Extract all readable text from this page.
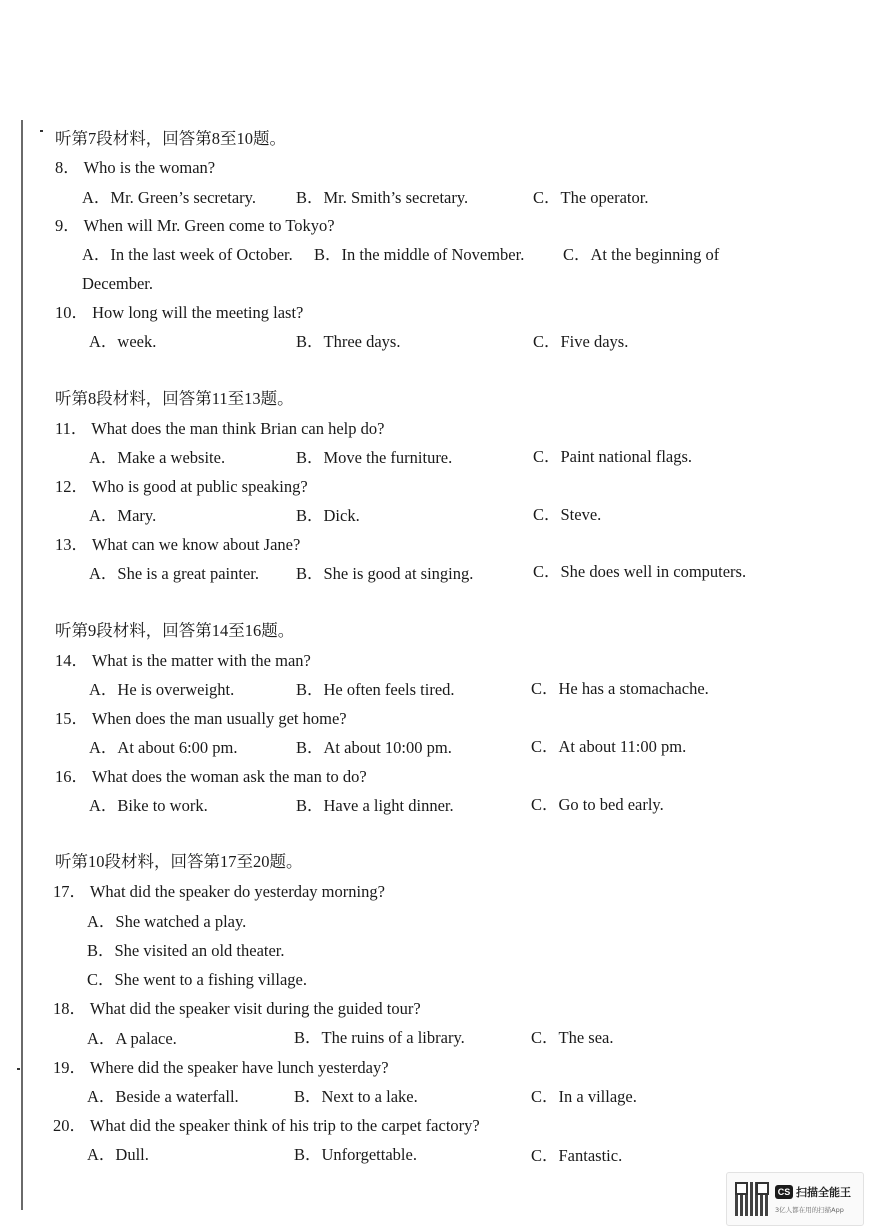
听第7段材料，回答第8至10题。
8． Who is the woman?
A．Mr. Green’s secretary. B．Mr. Smith’s secretary.	C．The operator.
9． When will Mr. Green come to Tokyo?
A．In the last week of October. B．In the middle of November. C．At the beginning of
December.
10． How long will the meeting last?
A．week.	B．Three days.	C．Five days.
听第8段材料，回答第11至13题。
11． What does the man think Brian can help do?
A．Make a website.	B．Move the furniture.	C．Paint national flags.
12． Who is good at public speaking?
A．Mary.	B．Dick.	C．Steve.
13． What can we know about Jane?
A．She is a great painter. B．She is good at singing.	C．She does well in computers.
听第9段材料，回答第14至16题。
14． What is the matter with the man?
A．He is overweight.	B．He often feels tired.	C．He has a stomachache.
15． When does the man usually get home?
A．At about 6:00 pm.	B．At about 10:00 pm.	C．At about 11:00 pm.
16． What does the woman ask the man to do?
A．Bike to work.	B．Have a light dinner.	C．Go to bed early.
听第10段材料，回答第17至20题。
17． What did the speaker do yesterday morning?
A．She watched a play.
B．She visited an old theater.
C．She went to a fishing village.
18． What did the speaker visit during the guided tour?
A．A palace.	B．The ruins of a library.	C．The sea.
19． Where did the speaker have lunch yesterday?
A．Beside a waterfall.	B．Next to a lake.	C．In a village.
20． What did the speaker think of his trip to the carpet factory?
A．Dull.	B．Unforgettable.	C．Fantastic.
CS 扫描全能王
3亿人都在用的扫描App
